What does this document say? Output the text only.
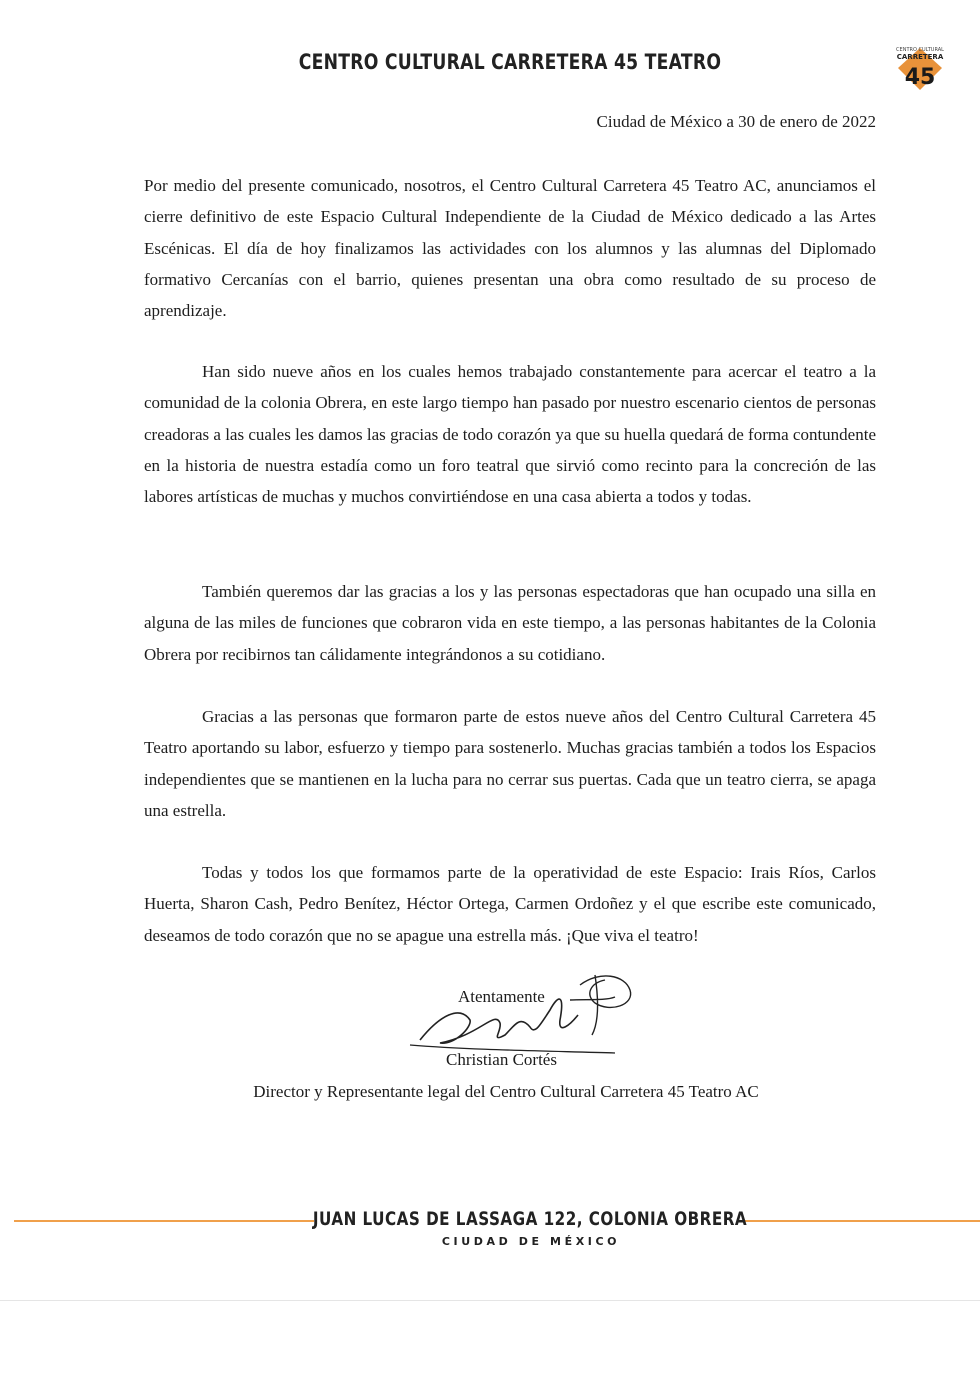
CENTRO CULTURAL CARRETERA 45 TEATRO	CENTRO CULTURAL
CARRETERA
45
Ciudad de México a 30 de enero de 2022
Por medio del presente comunicado, nosotros, el Centro Cultural Carretera 45 Teatro AC, anunciamos el cierre definitivo de este Espacio Cultural Independiente de la Ciudad de México dedicado a las Artes Escénicas. El día de hoy finalizamos las actividades con los alumnos y las alumnas del Diplomado formativo Cercanías con el barrio, quienes presentan una obra como resultado de su proceso de aprendizaje.
Han sido nueve años en los cuales hemos trabajado constantemente para acercar el teatro a la comunidad de la colonia Obrera, en este largo tiempo han pasado por nuestro escenario cientos de personas creadoras a las cuales les damos las gracias de todo corazón ya que su huella quedará de forma contundente en la historia de nuestra estadía como un foro teatral que sirvió como recinto para la concreción de las labores artísticas de muchas y muchos convirtiéndose en una casa abierta a todos y todas.
También queremos dar las gracias a los y las personas espectadoras que han ocupado una silla en alguna de las miles de funciones que cobraron vida en este tiempo, a las personas habitantes de la Colonia Obrera por recibirnos tan cálidamente integrándonos a su cotidiano.
Gracias a las personas que formaron parte de estos nueve años del Centro Cultural Carretera 45 Teatro aportando su labor, esfuerzo y tiempo para sostenerlo. Muchas gracias también a todos los Espacios independientes que se mantienen en la lucha para no cerrar sus puertas. Cada que un teatro cierra, se apaga una estrella.
Todas y todos los que formamos parte de la operatividad de este Espacio: Irais Ríos, Carlos Huerta, Sharon Cash, Pedro Benítez, Héctor Ortega, Carmen Ordoñez y el que escribe este comunicado, deseamos de todo corazón que no se apague una estrella más. ¡Que viva el teatro!
Atentamente
Christian Cortés
Director y Representante legal del Centro Cultural Carretera 45 Teatro AC
JUAN LUCAS DE LASSAGA 122, COLONIA OBRERA
CIUDAD DE MÉXICO
